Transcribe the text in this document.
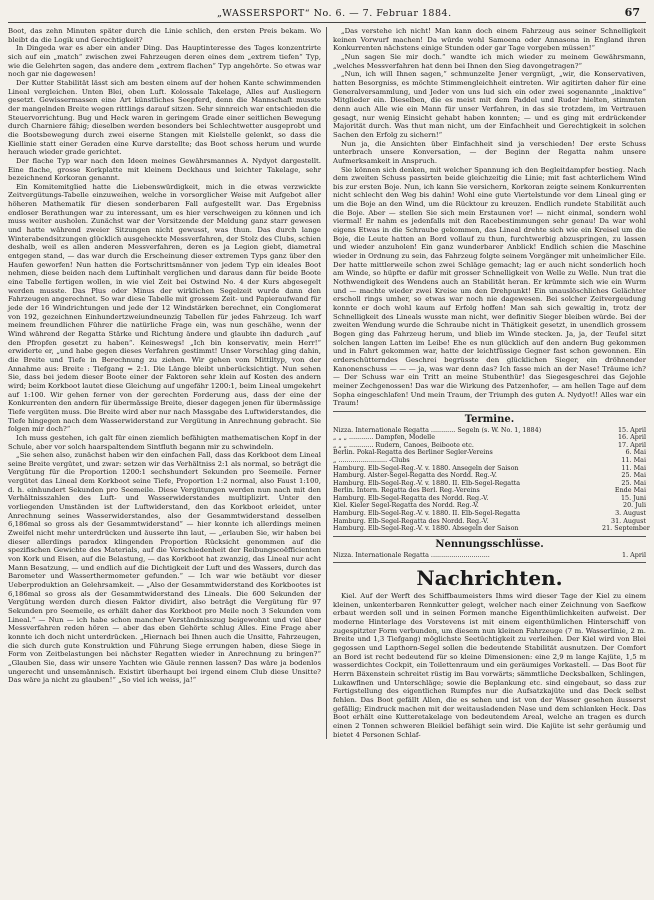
„WASSERSPORT“ No. 6. — 7. Februar 1884.	67

Boot, das zehn Minuten später durch die Linie schlich, den ersten Preis bekam. Wo bleibt da die Logik und Gerechtigkeit?

In Dingeda war es aber ein ander Ding. Das Hauptinteresse des Tages konzentrirte sich auf ein „match“ zwischen zwei Fahrzeugen deren eines dem „extrem tiefen“ Typ, wie die Gelehrten sagen, das andere dem „extrem flachen“ Typ angehörte. So etwas war noch gar nie dagewesen!

Der Kutter Stabilität lässt sich am besten einem auf der hohen Kante schwimmenden Lineal vergleichen. Unten Blei, oben Luft. Kolossale Takelage, Alles auf Ausliegern gesetzt. Gewissermassen eine Art künstliches Seepferd, denn die Mannschaft musste der mangelnden Breite wegen rittlings darauf sitzen. Sehr sinnreich war entschieden die Steuervorrichtung. Bug und Heck waren in geringem Grade einer seitlichen Bewegung durch Charniere fähig; dieselben werden besonders bei Schlechtwetter ausgeprobt und die Bootsbewegung durch zwei eiserne Stangen mit Kielstelle gelenkt, so dass die Kiellinie statt einer Geraden eine Kurve darstellte; das Boot schoss herum und wurde herauch wieder grade gerichtet.

Der flache Typ war nach den Ideen meines Gewährsmannes A. Nydyot dargestellt. Eine flache, grosse Korkplatte mit kleinem Deckhaus und leichter Takelage, sehr bezeichnend Korkoran genannt.

Ein Komitemitglied hatte die Liebenswürdigkeit, mich in die etwas verzwickte Zeitvergütungs-Tabelle einzuweihen, welche in vorsorglicher Weise mit Aufgebot aller höheren Mathematik für diesen sonderbaren Fall aufgestellt war. Das Ergebniss endloser Berathungen war zu interessant, um es hier verschweigen zu können und ich muss weiter ausholen. Zunächst war der Vorsitzende der Meldung ganz starr gewesen und hatte während zweier Sitzungen nicht gewusst, was thun. Das durch lange Winterabendsitzungen glücklich ausgeheckte Messverfahren, der Stolz des Clubs, schien deshalb, weil es allen anderen Messverfahren, deren es ja Legion giebt, diametral entgegen stand, — das war durch die Erscheinung dieser extremen Typs ganz über den Haufen geworfen! Nun hatten die Fortschrittsmänner von jedem Typ ein ideales Boot nehmen, diese beiden nach dem Luftinhalt verglichen und daraus dann für beide Boote eine Tabelle fertigen wollen, in wie viel Zeit bei Ostwind No. 4 der Kurs abgesegelt werden musste. Das Plus oder Minus der wirklichen Segelzeit wurde dann den Fahrzeugen angerechnet. So war diese Tabelle mit grossem Zeit- und Papieraufwand für jede der 16 Windrichtungen und jede der 12 Windstärken berechnet, ein Conglomerat von 192, gezeichnen Einhundertzweiundneunzig Tabellen für jedes Fahrzeug. Ich warf meinem freundlichen Führer die natürliche Frage ein, was nun geschähe, wenn der Wind während der Regatta Stärke und Richtung ändere und glaubte ihn dadurch „auf den Pfropfen gesetzt zu haben“. Keineswegs! „Ich bin konservativ, mein Herr!“ erwiderte er, „und habe gegen dieses Verfahren gestimmt! Unser Vorschlag ging dahin, die Breite und Tiefe in Berechnung zu ziehen. Wir gehen vom Mittiltyp, von der Annahme aus: Breite : Tiefgang = 2:1. Die Länge bleibt unberücksichtigt. Nun sehen Sie, dass bei jedem dieser Boote einer der Faktoren sehr klein auf Kosten des andern wird; beim Korkboot lautet diese Gleichung auf ungefähr 1200:1, beim Lineal umgekehrt auf 1:100. Wir gehen ferner von der gerechten Forderung aus, dass der eine der Konkurrenten den andern für übermässige Breite, dieser dagegen jenen für übermässige Tiefe vergüten muss. Die Breite wird aber nur nach Massgabe des Luftwiderstandes, die Tiefe hingegen nach dem Wasserwiderstand zur Vergütung in Anrechnung gebracht. Sie folgen mir doch?“

Ich muss gestehen, ich galt für einen ziemlich befähigten mathematischen Kopf in der Schule, aber vor solch haarspaltendem Sintfluth begann mir zu schwindeln.

„Sie sehen also, zunächst haben wir den einfachen Fall, dass das Korkboot dem Lineal seine Breite vergütet, und zwar: setzen wir das Verhältniss 2:1 als normal, so beträgt die Vergütung für die Proportion 1200:1 sechshundert Sekunden pro Seemeile. Ferner vergütet das Lineal dem Korkboot seine Tiefe, Proportion 1:2 normal, also Faust 1:100, d. h. einhundert Sekunden pro Seemeile. Diese Vergütungen werden nun nach mit den Verhältnisszahlen des Luft- und Wasserwiderstandes multiplizirt. Unter den vorliegenden Umständen ist der Luftwiderstand, den das Korkboot erleidet, unter Anrechnung seines Wasserwiderstandes, also der Gesammtwiderstand desselben 6,186mal so gross als der Gesammtwiderstand“ — hier konnte ich allerdings meinen Zweifel nicht mehr unterdrücken und äusserte ihn laut, — „erlauben Sie, wir haben bei dieser allerdings paradox klingenden Proportion Rücksicht genommen auf die spezifischen Gewichte des Materials, auf die Verschiedenheit der Reibungscoëfficienten von Kork und Eisen, auf die Belastung, — das Korkboot hat zwanzig, das Lineal nur acht Mann Besatzung, — und endlich auf die Dichtigkeit der Luft und des Wassers, durch das Barometer und Wasserthermometer gefunden.“ — Ich war wie betäubt vor dieser Ueberproduktion an Gelehrsamkeit. — „Also der Gesammtwiderstand des Korkbootes ist 6,186mal so gross als der Gesammtwiderstand des Lineals. Die 600 Sekunden der Vergütung werden durch diesen Faktor dividirt, also beträgt die Vergütung für 97 Sekunden pro Seemeile, es erhält daher das Korkboot pro Meile noch 3 Sekunden vom Lineal.“ — Nun — ich habe schon mancher Verständnisszug beigewohnt und viel über Messverfahren reden hören — aber das eben Gehörte schlug Alles. Eine Frage aber konnte ich doch nicht unterdrücken. „Hiernach bei Ihnen auch die Unsitte, Fahrzeugen, die sich durch gute Konstruktion und Führung Siege errungen haben, diese Siege in Form von Zeitbelastungen bei nächster Regatten wieder in Anrechnung zu bringen?“ „Glauben Sie, dass wir unsere Yachten wie Gäule rennen lassen? Das wäre ja bodenlos ungerecht und unsemännisch. Existirt überhaupt bei irgend einem Club diese Unsitte? Das wäre ja nicht zu glauben!“ „So viel ich weiss, ja!“

„Das verstehe ich nicht! Man kann doch einem Fahrzeug aus seiner Schnelligkeit keinen Vorwurf machen! Da würde wohl Samoena oder Annasona in England ihren Konkurrenten nächstens einige Stunden oder gar Tage vorgeben müssen!“

„Nun sagen Sie mir doch.“ wandte ich mich wieder zu meinem Gewährsmann, „welches Messverfahren hat denn bei Ihnen den Sieg davongetragen?“

„Nun, ich will Ihnen sagen,“ schmunzelte Jener vergnügt, „wir, die Konservativen, hatten Besorgniss, es möchte Stimmengleichheit eintreten. Wir agitirten daher für eine Generalversammlung, und Jeder von uns lud sich ein oder zwei sogenannte „inaktive“ Mitglieder ein. Dieselben, die es meist mit dem Paddel und Ruder hielten, stimmten denn auch Alle wie ein Mann für unser Verfahren, in das sie trotzdem, im Vertrauen gesagt, nur wenig Einsicht gehabt haben konnten; — und es ging mit erdrückender Majorität durch. Was thut man nicht, um der Einfachheit und Gerechtigkeit in solchen Sachen den Erfolg zu sichern!“

Nun ja, die Ansichten über Einfachheit sind ja verschieden! Der erste Schuss unterbrach unsere Konversation, — der Beginn der Regatta nahm unsere Aufmerksamkeit in Anspruch.

Sie können sich denken, mit welcher Spannung ich den Begleitdampfer bestieg. Nach dem zweiten Schuss passirten beide gleichzeitig die Linie; mit fast achterlichem Wind bis zur ersten Boje. Nun, ich kann Sie versichern, Korkoran zeigte seinem Konkurrenten nicht schlecht den Weg bis dahin! Wohl eine gute Viertelstunde vor dem Lineal ging er um die Boje an den Wind, um die Rücktour zu kreuzen. Endlich rundete Stabilität auch die Boje. Aber — stellen Sie sich mein Erstaunen vor! — nicht einmal, sondern wohl viermal! Er nahm es jedenfalls mit den Racebestimmungen sehr genau! Da war wohl eigens Etwas in die Schraube gekommen, das Lineal drehte sich wie ein Kreisel um die Boje, die Leute hatten an Bord vollauf zu thun, furchtwerbig abzuspringen, zu lassen und wieder anzuholen! Ein ganz wunderbarer Anblick! Endlich schien die Maschine wieder in Ordnung zu sein, das Fahrzeug folgte seinem Vorgänger mit unheimlicher Eile. Der hatte mittlerweile schon zwei Schläge gemacht; lag er auch nicht sonderlich hoch am Winde, so hüpfte er dafür mit grosser Schnelligkeit von Welle zu Welle. Nun trat die Nothwendigkeit des Wendens auch an Stabilität heran. Er krümmte sich wie ein Wurm und — machte wieder zwei Kreise um den Drehpunkt! Ein unauslöschliches Gelächter erscholl rings umher, so etwas war noch nie dagewesen. Bei solcher Zeitvergeudung konnte er doch wohl kaum auf Erfolg hoffen! Man sah sich gewaltig in, trotz der Schnelligkeit des Lineals wusste man nicht, wer definitiv Sieger bleiben würde. Bei der zweiten Wendung wurde die Schraube nicht in Thätigkeit gesetzt, in unendlich grossem Bogen ging das Fahrzeug herum, und blieb im Winde stecken. Ja, ja, der Teufel sitzt solchen langen Latten im Leibe! Ehe es nun glücklich auf den andern Bug gekommen und in Fahrt gekommen war, hatte der leichtfüssige Gegner fast schon gewonnen. Ein erderschütterndes Geschrei begrüsste den glücklichen Sieger, ein dröhnender Kanonenschuss — — — ja, was war denn das? Ich fasse mich an der Nase! Träume ich? — Der Schuss war ein Tritt an meine Stubenthür! das Siegesgeschrei das Gejohle meiner Zechgenossen! Das war die Wirkung des Patzenhofer, — am hellen Tage auf dem Sopha eingeschlafen! Und mein Traum, der Triumph des guten A. Nydyot!! Alles war ein Traum!

Termine.
Nizza. Internationale Regatta ............ Segeln (s. W. No. 1, 1884)	15. April
„ „ „ ............ Dampfen, Modelle	16. April
„ „ „ ............ Rudern, Canoes, Beiboote etc.	17. April
Berlin. Pokal-Regatta des Berliner Segler-Vereins	6. Mai
„ ........................ -Clubs	11. Mai
Hamburg. Elb-Segel-Reg.-V. v. 1880. Ansegeln der Saison	11. Mai
Hamburg. Alster-Segel-Regatta des Nordd. Reg.-V.	25. Mai
Hamburg. Elb-Segel-Reg.-V. v. 1880. II. Elb-Segel-Regatta	25. Mai
Berlin. Intern. Regatta des Berl. Reg.-Vereins	Ende Mai
Hamburg. Elb-Segel-Regatta des Nordd. Reg.-V.	15. Juni
Kiel. Kieler Segel-Regatta des Nordd. Reg.-V.	20. Juli
Hamburg. Elb-Segel-Reg.-V. v. 1880. II. Elb-Segel-Regatta	3. August
Hamburg. Elb-Segel-Regatta des Nordd. Reg.-V.	31. August
Hamburg. Elb-Segel-Reg.-V. v. 1880. Absegeln der Saison	21. September
Nennungsschlüsse.
Nizza. Internationale Regatta .............................	1. April
Nachrichten.

Kiel. Auf der Werft des Schiffbaumeisters Ihms wird dieser Tage der Kiel zu einem kleinen, unkenterbaren Rennkutter gelegt, welcher nach einer Zeichnung von Saefkow erbaut werden soll und in seinen Formen manche Eigenthümlichkeiten aufweist. Der moderne Hinterlage des Vorstevens ist mit einem eigenthümlichen Hinterschiff von zugespitzter Form verbunden, um diesem nun kleinen Fahrzeuge (7 m. Wasserlinie, 2 m. Breite und 1,3 Tiefgang) möglichste Seetüchtigkeit zu verleihen. Der Kiel wird von Blei gegossen und Lapthorn-Segel sollen die bedeutende Stabilität ausnutzen. Der Comfort an Bord ist recht bedeutend für so kleine Dimensionen: eine 2,9 m lange Kajüte, 1,5 m wasserdichtes Cockpit, ein Toilettenraum und ein geräumiges Vorkastell. — Das Boot für Herrn Bäxenstein schreitet rüstig im Bau vorwärts; sämmtliche Decksbalken, Schlingen, Lukawflnen und Unterschläge; sowie die Beplankung etc. sind eingebaut, so dass zur Fertigstellung des eigentlichen Rumpfes nur die Aufsatzkajüte und das Deck selbst fehlen. Das Boot gefällt Allen, die es sehen und ist von der Wasser gesehen äusserst gefällig; Eindruck machen mit der weitausladenden Nase und dem schlanken Heck. Das Boot erhält eine Kutteretakelage von bedeutendem Areal, welche an tragen es durch einen 2 Tonnen schweren Bleikiel befähigt sein wird. Die Kajüte ist sehr geräumig und bietet 4 Personen Schlaf-
